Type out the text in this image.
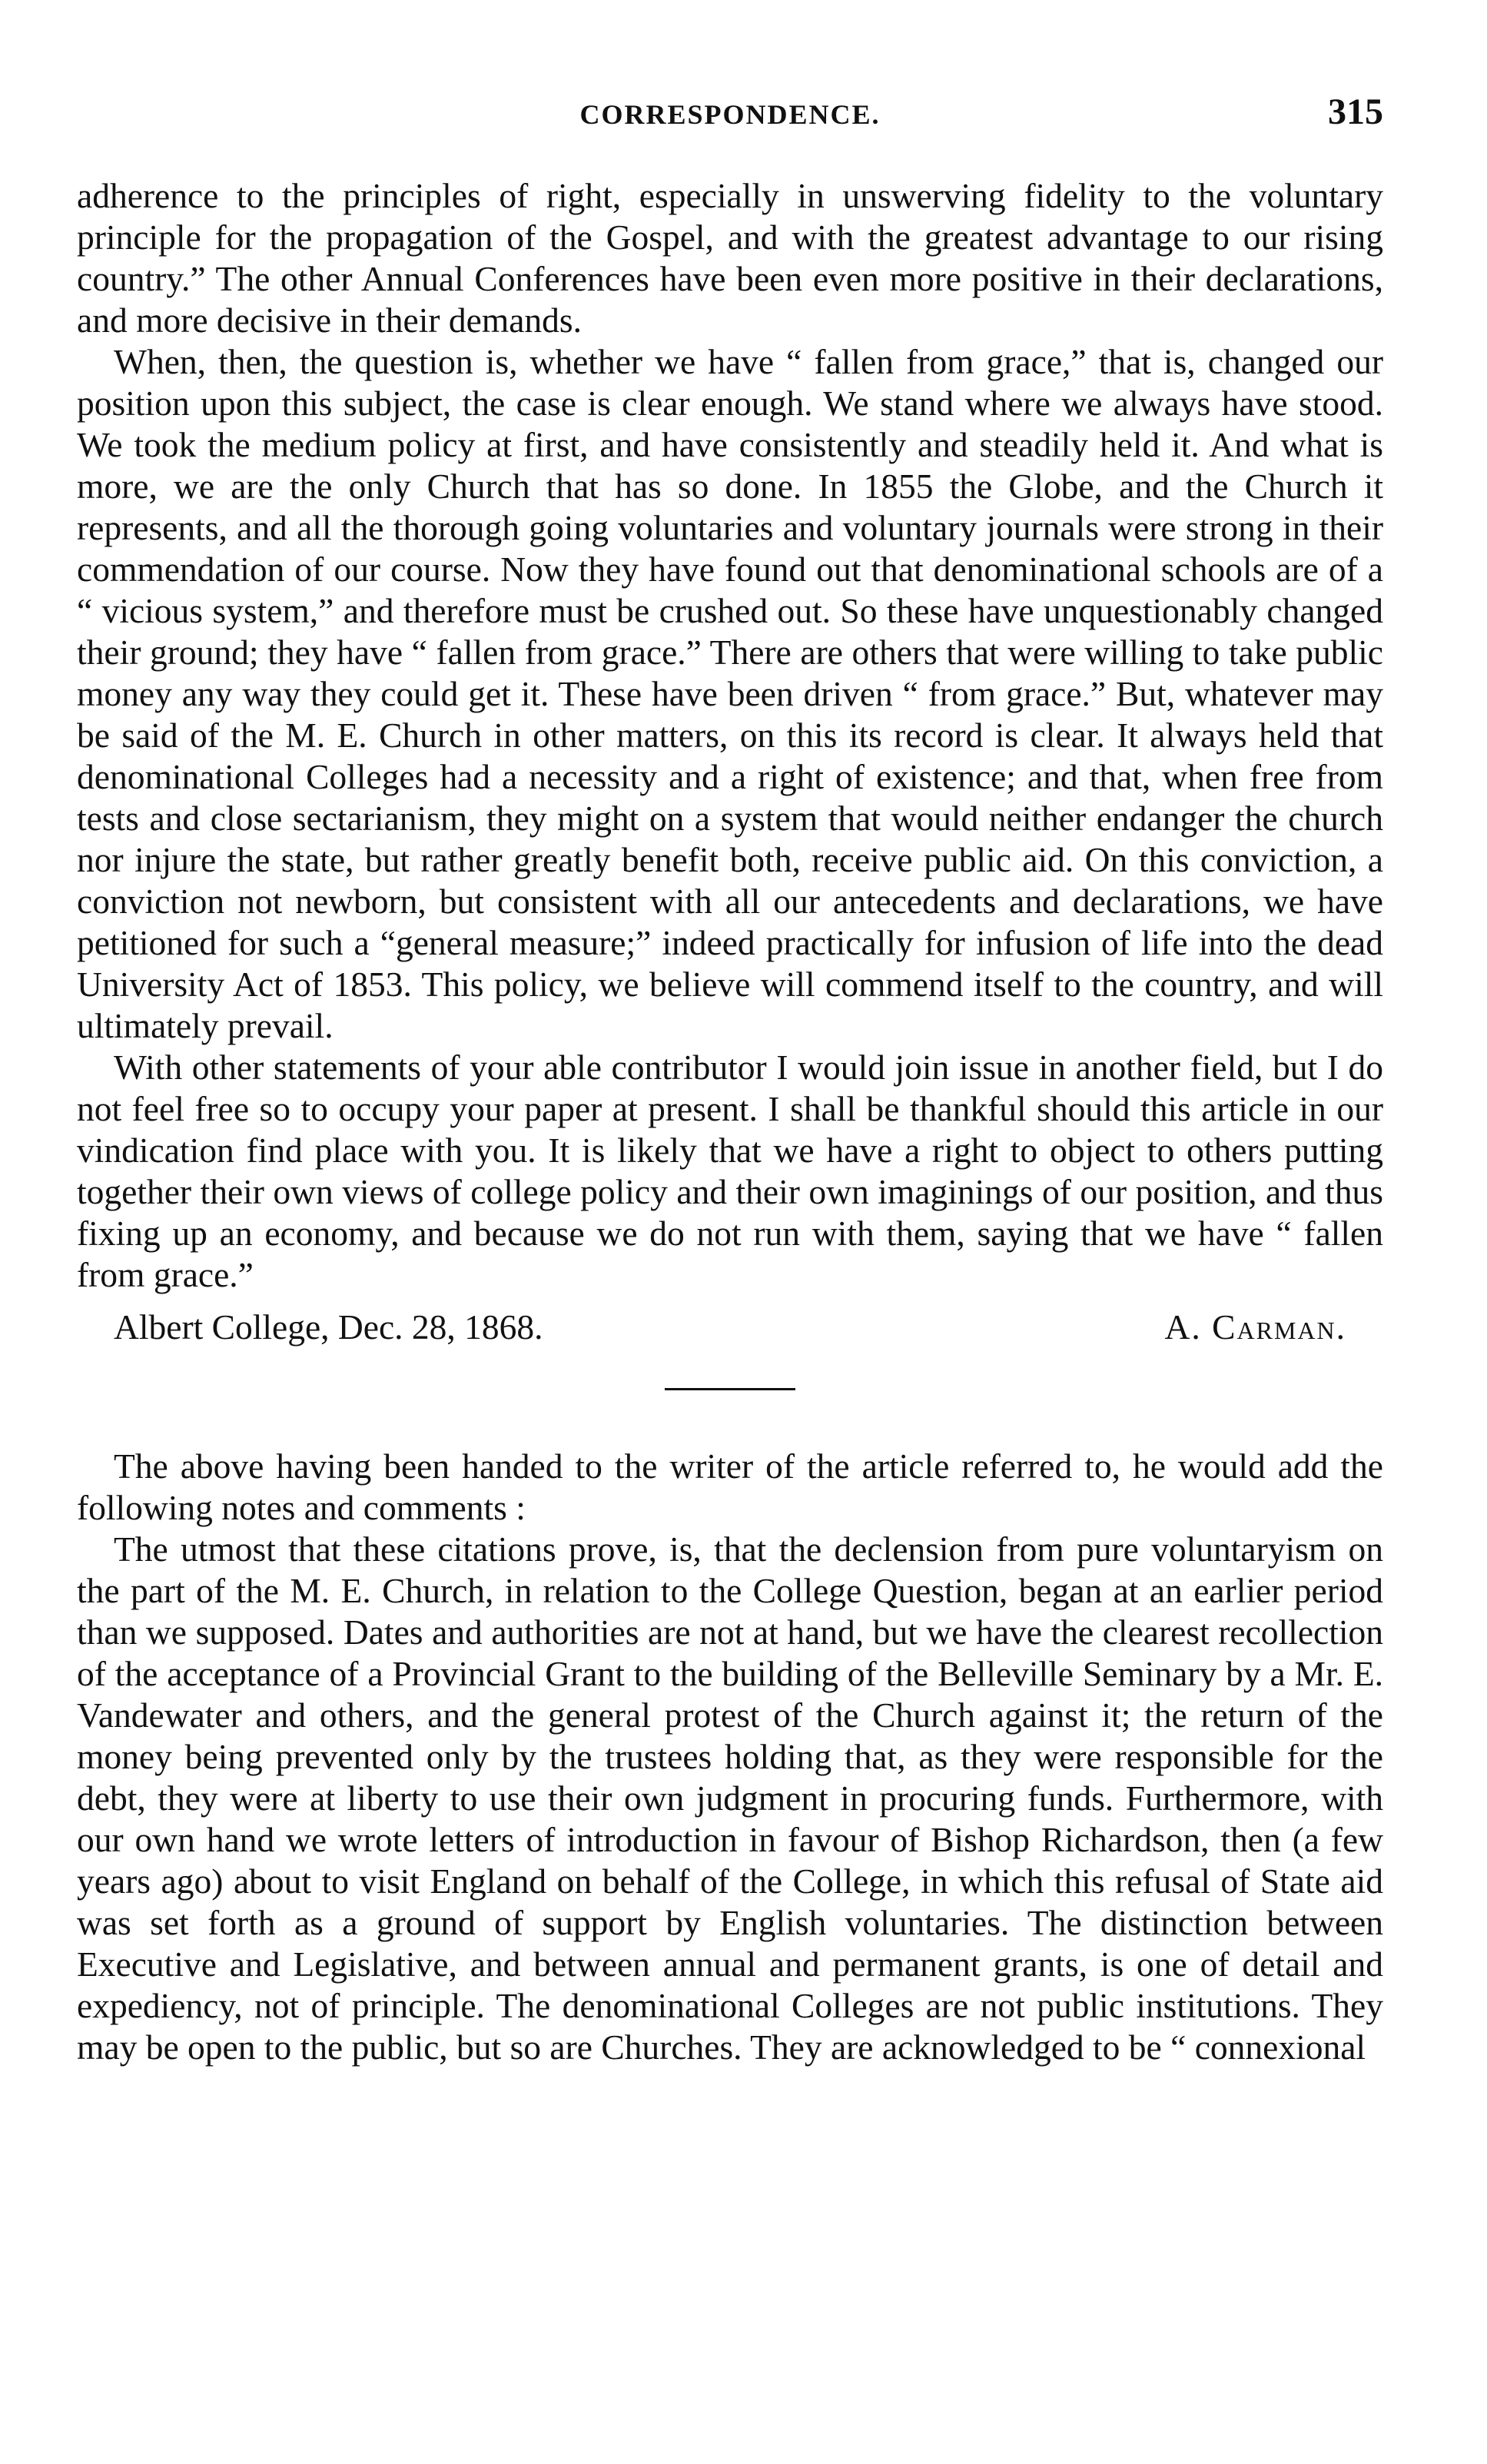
CORRESPONDENCE.	315

adherence to the principles of right, especially in unswerving fidelity to the voluntary principle for the propagation of the Gospel, and with the greatest advantage to our rising country.” The other Annual Conferences have been even more positive in their declarations, and more decisive in their demands.

When, then, the question is, whether we have “ fallen from grace,” that is, changed our position upon this subject, the case is clear enough. We stand where we always have stood. We took the medium policy at first, and have consistently and steadily held it. And what is more, we are the only Church that has so done. In 1855 the Globe, and the Church it represents, and all the thorough going voluntaries and voluntary journals were strong in their commendation of our course. Now they have found out that denominational schools are of a “ vicious system,” and therefore must be crushed out. So these have unquestionably changed their ground; they have “ fallen from grace.” There are others that were willing to take public money any way they could get it. These have been driven “ from grace.” But, whatever may be said of the M. E. Church in other matters, on this its record is clear. It always held that denominational Colleges had a necessity and a right of existence; and that, when free from tests and close sectarianism, they might on a system that would neither endanger the church nor injure the state, but rather greatly benefit both, receive public aid. On this conviction, a conviction not newborn, but consistent with all our antecedents and declarations, we have petitioned for such a “general measure;” indeed practically for infusion of life into the dead University Act of 1853. This policy, we believe will commend itself to the country, and will ultimately prevail.

With other statements of your able contributor I would join issue in another field, but I do not feel free so to occupy your paper at present. I shall be thankful should this article in our vindication find place with you. It is likely that we have a right to object to others putting together their own views of college policy and their own imaginings of our position, and thus fixing up an economy, and because we do not run with them, saying that we have “ fallen from grace.”

Albert College, Dec. 28, 1868.	A. Carman.

The above having been handed to the writer of the article referred to, he would add the following notes and comments :

The utmost that these citations prove, is, that the declension from pure voluntaryism on the part of the M. E. Church, in relation to the College Question, began at an earlier period than we supposed. Dates and authorities are not at hand, but we have the clearest recollection of the acceptance of a Provincial Grant to the building of the Belleville Seminary by a Mr. E. Vandewater and others, and the general protest of the Church against it; the return of the money being prevented only by the trustees holding that, as they were responsible for the debt, they were at liberty to use their own judgment in procuring funds. Furthermore, with our own hand we wrote letters of introduction in favour of Bishop Richardson, then (a few years ago) about to visit England on behalf of the College, in which this refusal of State aid was set forth as a ground of support by English voluntaries. The distinction between Executive and Legislative, and between annual and permanent grants, is one of detail and expediency, not of principle. The denominational Colleges are not public institutions. They may be open to the public, but so are Churches. They are acknowledged to be “ connexional
